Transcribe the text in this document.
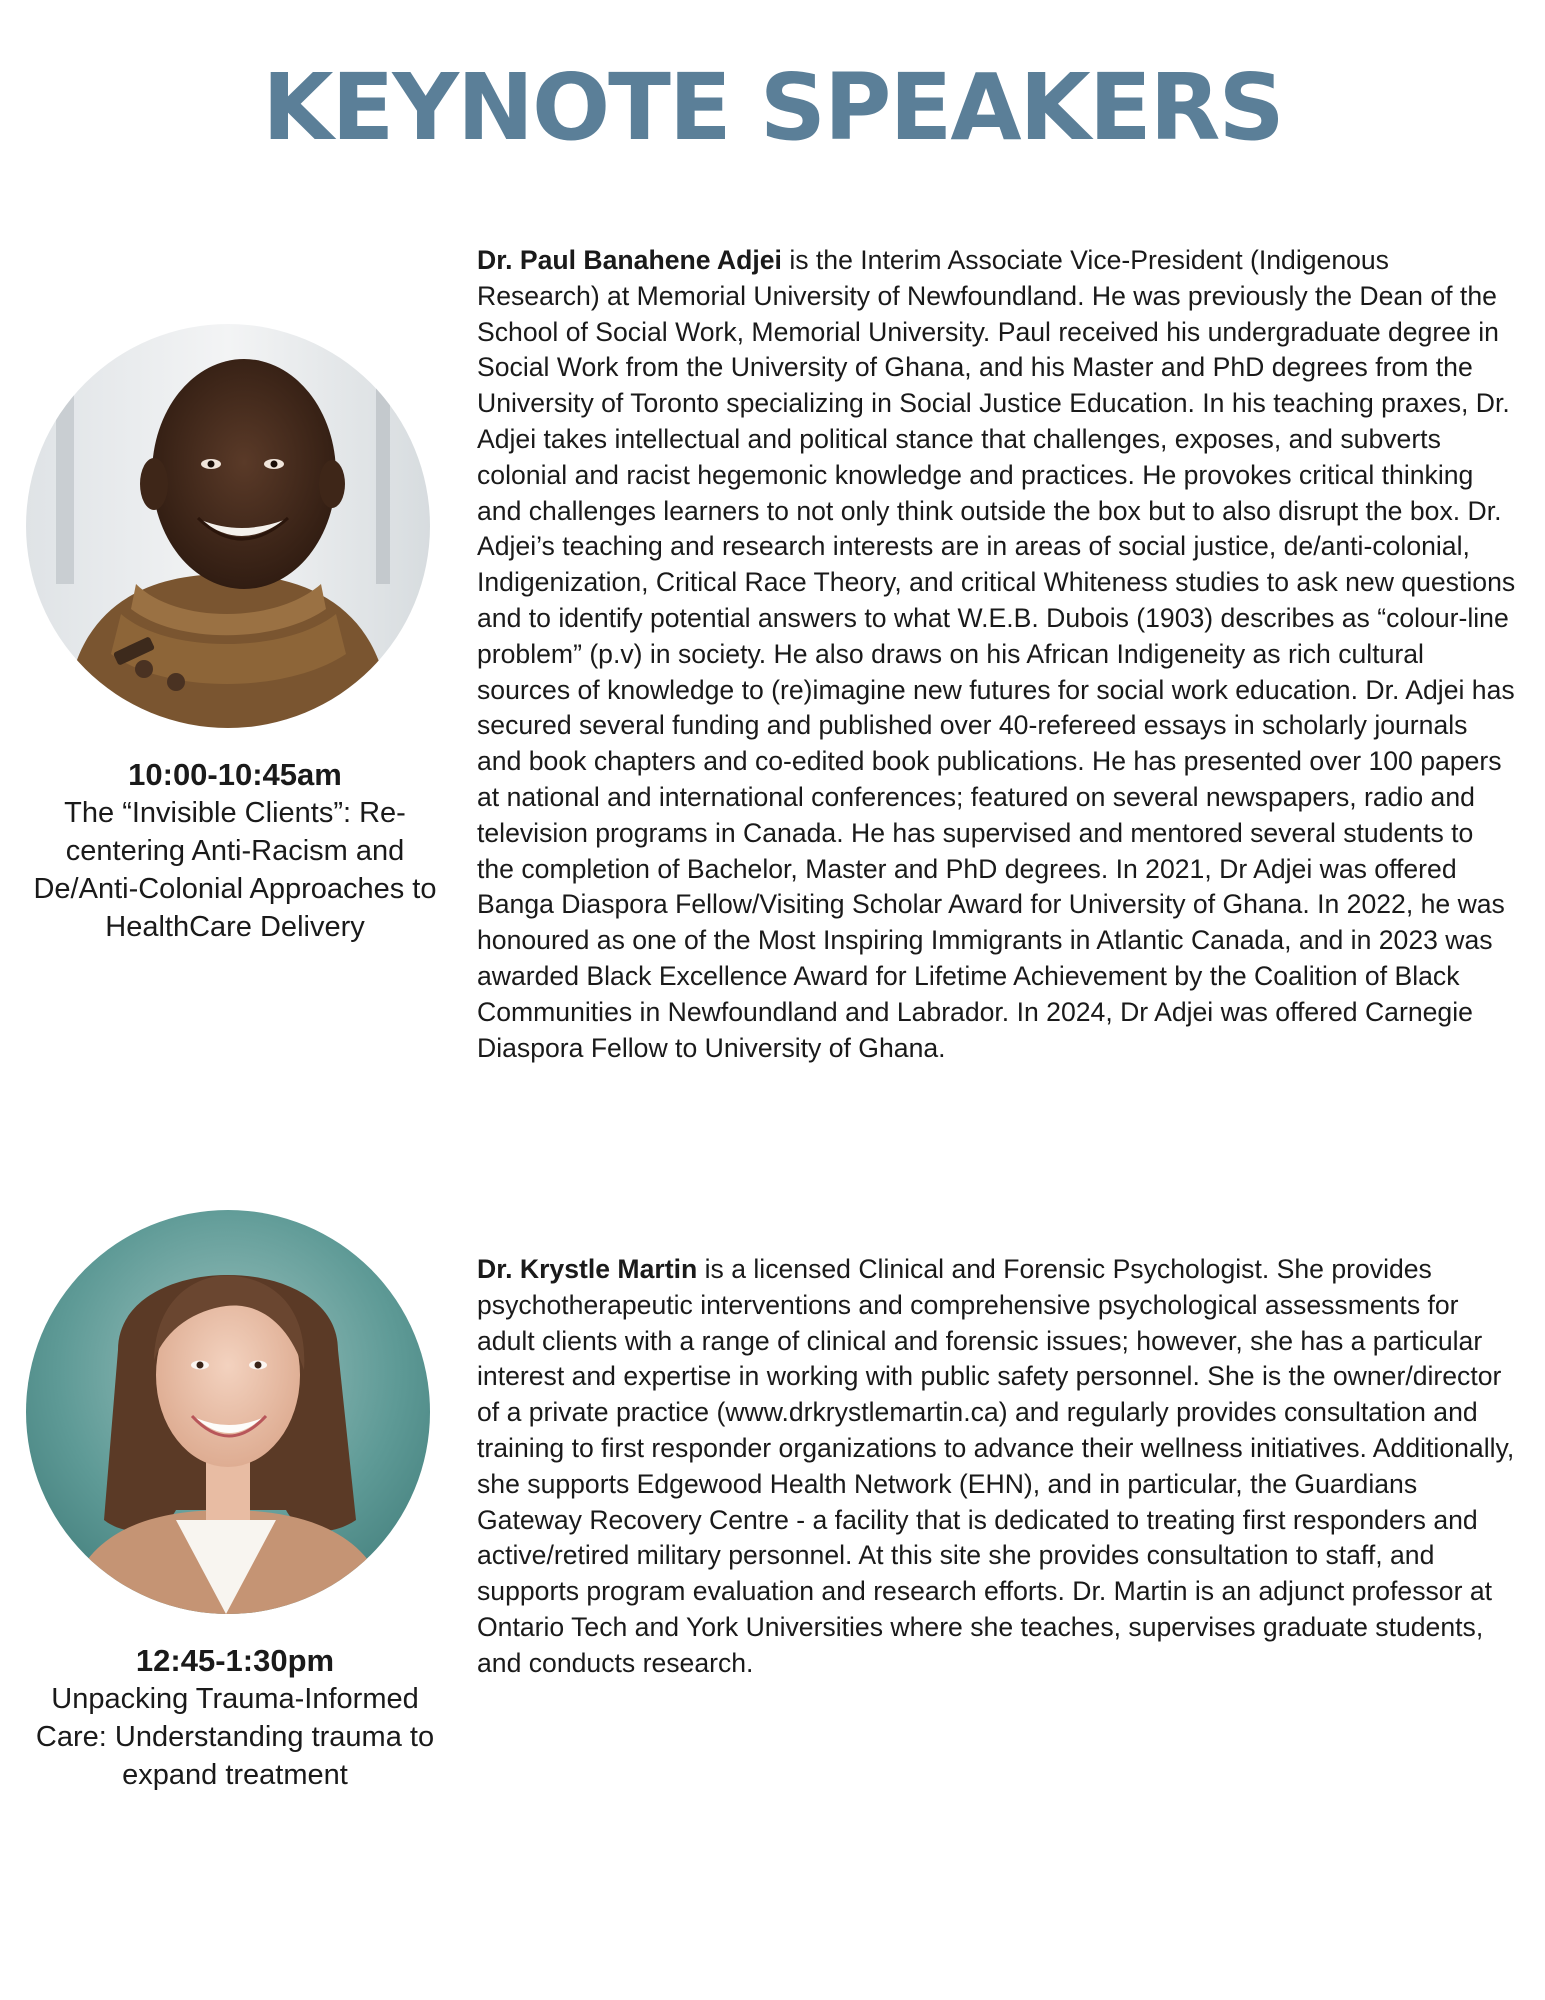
KEYNOTE SPEAKERS
10:00-10:45am
The “Invisible Clients”: Re-centering Anti-Racism and De/Anti-Colonial Approaches to HealthCare Delivery

Dr. Paul Banahene Adjei is the Interim Associate Vice-President (Indigenous Research) at Memorial University of Newfoundland. He was previously the Dean of the School of Social Work, Memorial University. Paul received his undergraduate degree in Social Work from the University of Ghana, and his Master and PhD degrees from the University of Toronto specializing in Social Justice Education. In his teaching praxes, Dr. Adjei takes intellectual and political stance that challenges, exposes, and subverts colonial and racist hegemonic knowledge and practices. He provokes critical thinking and challenges learners to not only think outside the box but to also disrupt the box. Dr. Adjei’s teaching and research interests are in areas of social justice, de/anti-colonial, Indigenization, Critical Race Theory, and critical Whiteness studies to ask new questions and to identify potential answers to what W.E.B. Dubois (1903) describes as “colour-line problem” (p.v) in society. He also draws on his African Indigeneity as rich cultural sources of knowledge to (re)imagine new futures for social work education. Dr. Adjei has secured several funding and published over 40-refereed essays in scholarly journals and book chapters and co-edited book publications. He has presented over 100 papers at national and international conferences; featured on several newspapers, radio and television programs in Canada. He has supervised and mentored several students to the completion of Bachelor, Master and PhD degrees. In 2021, Dr Adjei was offered Banga Diaspora Fellow/Visiting Scholar Award for University of Ghana. In 2022, he was honoured as one of the Most Inspiring Immigrants in Atlantic Canada, and in 2023 was awarded Black Excellence Award for Lifetime Achievement by the Coalition of Black Communities in Newfoundland and Labrador. In 2024, Dr Adjei was offered Carnegie Diaspora Fellow to University of Ghana.

12:45-1:30pm
Unpacking Trauma-Informed Care: Understanding trauma to expand treatment

Dr. Krystle Martin is a licensed Clinical and Forensic Psychologist. She provides psychotherapeutic interventions and comprehensive psychological assessments for adult clients with a range of clinical and forensic issues; however, she has a particular interest and expertise in working with public safety personnel. She is the owner/director of a private practice (www.drkrystlemartin.ca) and regularly provides consultation and training to first responder organizations to advance their wellness initiatives. Additionally, she supports Edgewood Health Network (EHN), and in particular, the Guardians Gateway Recovery Centre - a facility that is dedicated to treating first responders and active/retired military personnel. At this site she provides consultation to staff, and supports program evaluation and research efforts. Dr. Martin is an adjunct professor at Ontario Tech and York Universities where she teaches, supervises graduate students, and conducts research.
